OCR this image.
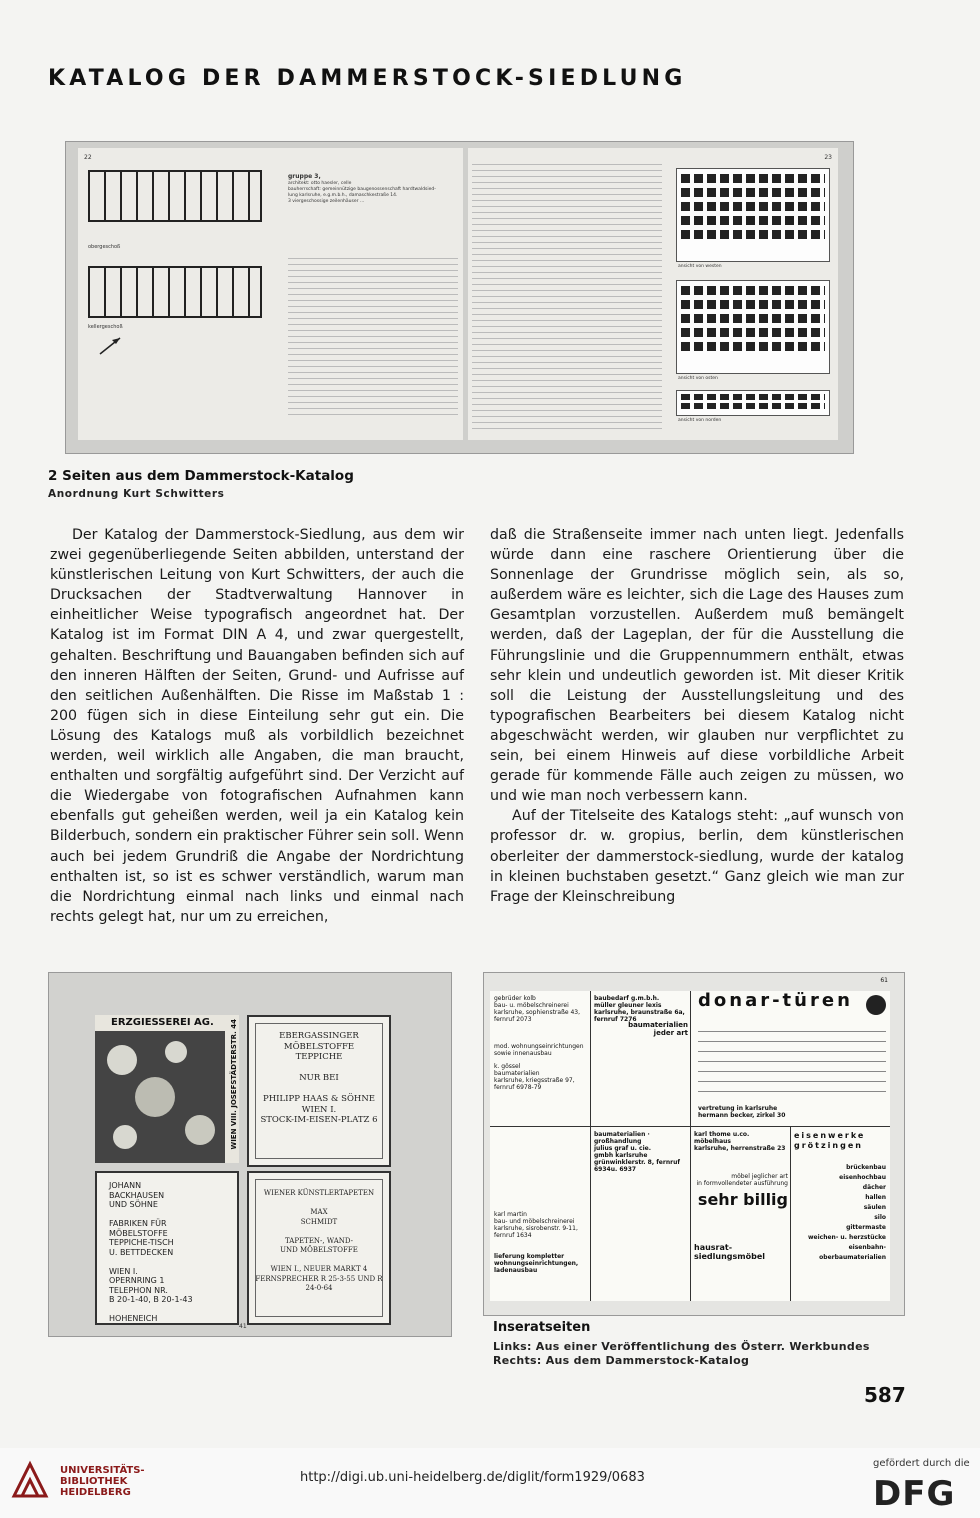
KATALOG DER DAMMERSTOCK-SIEDLUNG
22
obergeschoß
kellergeschoß

gruppe 3,

architekt: otto haesler, celle
bauherrschaft: gemeinnützige baugenossenschaft hardtwaldsied-
lung karlsruhe, e.g.m.b.h., damaschkestraße 14.
3 viergeschossige zeilenhäuser …

23
ansicht von westen
ansicht von osten
ansicht von norden
2 Seiten aus dem Dammerstock-Katalog
Anordnung Kurt Schwitters

Der Katalog der Dammerstock-Siedlung, aus dem wir zwei gegenüberliegende Seiten abbilden, unterstand der künstlerischen Leitung von Kurt Schwitters, der auch die Drucksachen der Stadtverwaltung Hannover in einheitlicher Weise typografisch angeordnet hat. Der Katalog ist im Format DIN A 4, und zwar quergestellt, gehalten. Beschriftung und Bauangaben befinden sich auf den inneren Hälften der Seiten, Grund- und Aufrisse auf den seitlichen Außenhälften. Die Risse im Maßstab 1 : 200 fügen sich in diese Einteilung sehr gut ein. Die Lösung des Katalogs muß als vorbildlich bezeichnet werden, weil wirklich alle Angaben, die man braucht, enthalten und sorgfältig aufgeführt sind. Der Verzicht auf die Wiedergabe von fotografischen Aufnahmen kann ebenfalls gut geheißen werden, weil ja ein Katalog kein Bilderbuch, sondern ein praktischer Führer sein soll. Wenn auch bei jedem Grundriß die Angabe der Nordrichtung enthalten ist, so ist es schwer verständlich, warum man die Nordrichtung einmal nach links und einmal nach rechts gelegt hat, nur um zu erreichen,

daß die Straßenseite immer nach unten liegt. Jedenfalls würde dann eine raschere Orientierung über die Sonnenlage der Grundrisse möglich sein, als so, außerdem wäre es leichter, sich die Lage des Hauses zum Gesamtplan vorzustellen. Außerdem muß bemängelt werden, daß der Lageplan, der für die Ausstellung die Führungslinie und die Gruppennummern enthält, etwas sehr klein und undeutlich geworden ist. Mit dieser Kritik soll die Leistung der Ausstellungsleitung und des typografischen Bearbeiters bei diesem Katalog nicht abgeschwächt werden, wir glauben nur verpflichtet zu sein, bei einem Hinweis auf diese vorbildliche Arbeit gerade für kommende Fälle auch zeigen zu müssen, wo und wie man noch verbessern kann.

Auf der Titelseite des Katalogs steht: „auf wunsch von professor dr. w. gropius, berlin, dem künstlerischen oberleiter der dammerstock-siedlung, wurde der katalog in kleinen buchstaben gesetzt.“ Ganz gleich wie man zur Frage der Kleinschreibung

ERZGIESSEREI AG.	WIEN VIII. JOSEFSTÄDTERSTR. 44	EBERGASSINGER
MÖBELSTOFFE
TEPPICHE

NUR BEI

PHILIPP HAAS & SÖHNE
WIEN I.
STOCK-IM-EISEN-PLATZ 6
JOHANN
BACKHAUSEN
UND SÖHNE

FABRIKEN FÜR
MÖBELSTOFFE
TEPPICHE-TISCH
U. BETTDECKEN

WIEN I.
OPERNRING 1
TELEPHON NR.
B 20-1-40, B 20-1-43

HOHENEICH
WIENER KÜNSTLERTAPETEN

MAX
SCHMIDT

TAPETEN-, WAND-
UND MÖBELSTOFFE

WIEN I., NEUER MARKT 4
FERNSPRECHER R 25-3-55 UND R 24-0-64
41
61
gebrüder kolb
bau- u. möbelschreinerei
karlsruhe, sophienstraße 43, fernruf 2073
mod. wohnungseinrichtungen
sowie innenausbau
k. gössel
baumaterialien
karlsruhe, kriegsstraße 97, fernruf 6978-79
karl martin
bau- und möbelschreinerei
karlsruhe, sisrobenstr. 9-11, fernruf 1634
lieferung kompletter
wohnungseinrichtungen,
ladenausbau
baubedarf g.m.b.h.
müller gleuner lexis
karlsruhe, braunstraße 6a, fernruf 7276
baumaterialien
jeder art
baumaterialien · großhandlung
julius graf u. cie.
gmbh karlsruhe
grünwinklerstr. 8, fernruf 6934u. 6937
donar-türen
vertretung in karlsruhe
hermann becker, zirkel 30
karl thome u.co.
möbelhaus
karlsruhe, herrenstraße 23
möbel jeglicher art
in formvollendeter ausführung
sehr billig
hausrat-
siedlungsmöbel
eisenwerke
grötzingen
brückenbau
eisenhochbau
dächer
hallen
säulen
silo
gittermaste
weichen- u. herzstücke
eisenbahn-
oberbaumaterialien
Inseratseiten
Links: Aus einer Veröffentlichung des Österr. Werkbundes
Rechts: Aus dem Dammerstock-Katalog
587
UNIVERSITÄTS-
BIBLIOTHEK
HEIDELBERG
http://digi.ub.uni-heidelberg.de/diglit/form1929/0683
gefördert durch die
DFG
